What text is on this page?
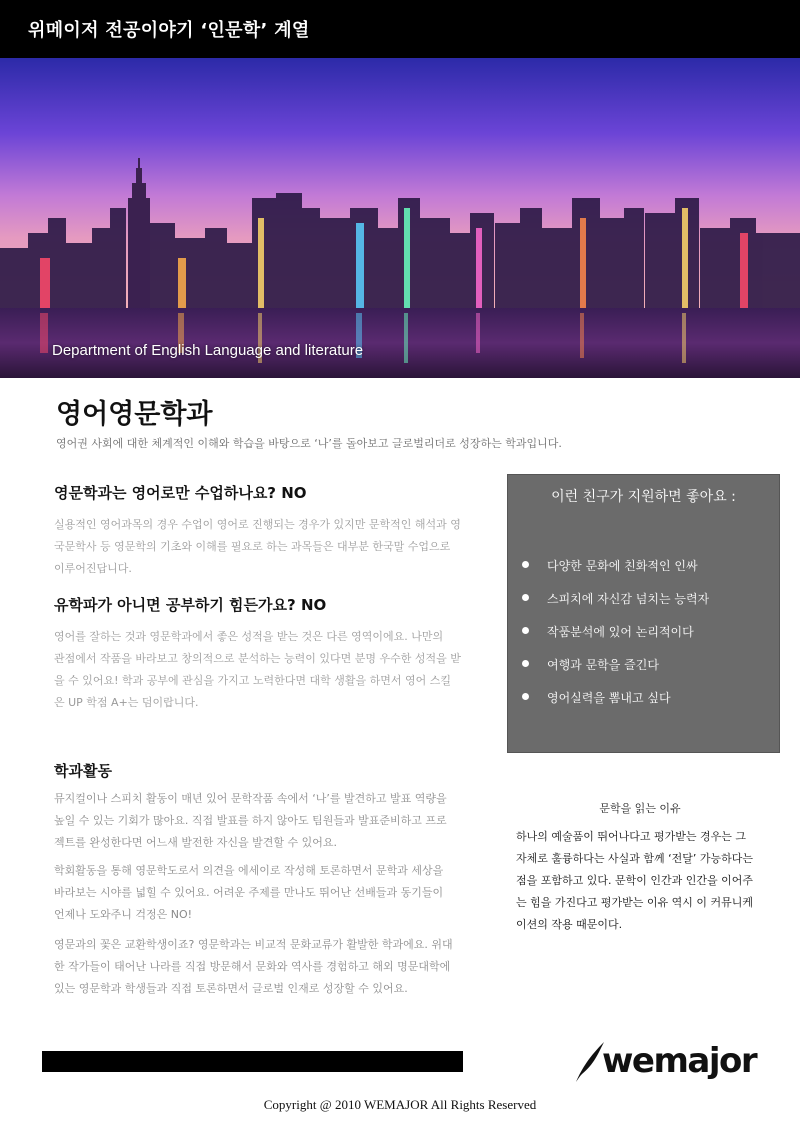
위메이저 전공이야기 ‘인문학’ 계열
Department of English Language and literature
영어영문학과
영어권 사회에 대한 체계적인 이해와 학습을 바탕으로 ‘나’를 돌아보고 글로벌리더로 성장하는 학과입니다.
영문학과는 영어로만 수업하나요? NO
실용적인 영어과목의 경우 수업이 영어로 진행되는 경우가 있지만 문학적인 해석과 영
국문학사 등 영문학의 기초와 이해를 필요로 하는 과목들은 대부분 한국말 수업으로
이루어진답니다.
유학파가 아니면 공부하기 힘든가요? NO
영어를 잘하는 것과 영문학과에서 좋은 성적을 받는 것은 다른 영역이에요. 나만의
관점에서 작품을 바라보고 창의적으로 분석하는 능력이 있다면 분명 우수한 성적을 받
을 수 있어요! 학과 공부에 관심을 가지고 노력한다면 대학 생활을 하면서 영어 스킬
은 UP 학점 A+는 덤이랍니다.
학과활동
뮤지컬이나 스피치 활동이 매년 있어 문학작품 속에서 ‘나’를 발견하고 발표 역량을
높일 수 있는 기회가 많아요. 직접 발표를 하지 않아도 팀원들과 발표준비하고 프로
젝트를 완성한다면 어느새 발전한 자신을 발견할 수 있어요.
학회활동을 통해 영문학도로서 의견을 에세이로 작성해 토론하면서 문학과 세상을
바라보는 시야를 넓힐 수 있어요. 어려운 주제를 만나도 뛰어난 선배들과 동기들이
언제나 도와주니 걱정은 NO!
영문과의 꽃은 교환학생이죠? 영문학과는 비교적 문화교류가 활발한 학과에요. 위대
한 작가들이 태어난 나라를 직접 방문해서 문화와 역사를 경험하고 해외 명문대학에
있는 영문학과 학생들과 직접 토론하면서 글로벌 인재로 성장할 수 있어요.
이런 친구가 지원하면 좋아요 :
다양한 문화에 친화적인 인싸
스피치에 자신감 넘치는 능력자
작품분석에 있어 논리적이다
여행과 문학을 즐긴다
영어실력을 뽐내고 싶다
문학을 읽는 이유
하나의 예술품이 뛰어나다고 평가받는 경우는 그
자체로 훌륭하다는 사실과 함께 ‘전달’ 가능하다는
점을 포함하고 있다. 문학이 인간과 인간을 이어주
는 힘을 가진다고 평가받는 이유 역시 이 커뮤니케
이션의 작용 때문이다.
wemajor
Copyright @ 2010 WEMAJOR All Rights Reserved
